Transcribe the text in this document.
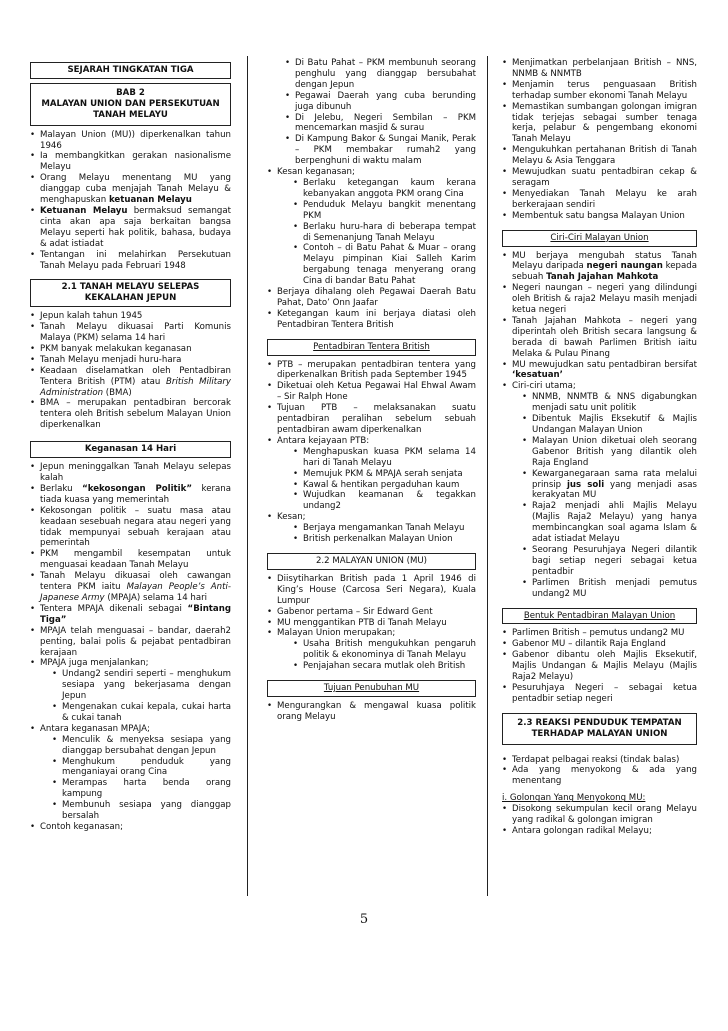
SEJARAH TINGKATAN TIGA
BAB 2
MALAYAN UNION DAN PERSEKUTUAN TANAH MELAYU
• Malayan Union (MU)) diperkenalkan tahun 1946
• Ia membangkitkan gerakan nasionalisme Melayu
• Orang Melayu menentang MU yang dianggap cuba menjajah Tanah Melayu & menghapuskan ketuanan Melayu
• Ketuanan Melayu bermaksud semangat cinta akan apa saja berkaitan bangsa Melayu seperti hak politik, bahasa, budaya & adat istiadat
• Tentangan ini melahirkan Persekutuan Tanah Melayu pada Februari 1948
2.1 TANAH MELAYU SELEPAS KEKALAHAN JEPUN
• Jepun kalah tahun 1945
• Tanah Melayu dikuasai Parti Komunis Malaya (PKM) selama 14 hari
• PKM banyak melakukan keganasan
• Tanah Melayu menjadi huru-hara
• Keadaan diselamatkan oleh Pentadbiran Tentera British (PTM) atau British Military Administration (BMA)
• BMA – merupakan pentadbiran bercorak tentera oleh British sebelum Malayan Union diperkenalkan
Keganasan 14 Hari
• Jepun meninggalkan Tanah Melayu selepas kalah
• Berlaku “kekosongan Politik” kerana tiada kuasa yang memerintah
• Kekosongan politik – suatu masa atau keadaan sesebuah negara atau negeri yang tidak mempunyai sebuah kerajaan atau pemerintah
• PKM mengambil kesempatan untuk menguasai keadaan Tanah Melayu
• Tanah Melayu dikuasai oleh cawangan tentera PKM iaitu Malayan People’s Anti-Japanese Army (MPAJA) selama 14 hari
• Tentera MPAJA dikenali sebagai “Bintang Tiga”
• MPAJA telah menguasai – bandar, daerah2 penting, balai polis & pejabat pentadbiran kerajaan
• MPAJA juga menjalankan;
• Undang2 sendiri seperti – menghukum sesiapa yang bekerjasama dengan Jepun
• Mengenakan cukai kepala, cukai harta & cukai tanah
• Antara keganasan MPAJA;
• Menculik & menyeksa sesiapa yang dianggap bersubahat dengan Jepun
• Menghukum penduduk yang menganiayai orang Cina
• Merampas harta benda orang kampung
• Membunuh sesiapa yang dianggap bersalah
• Contoh keganasan;
• Di Batu Pahat – PKM membunuh seorang penghulu yang dianggap bersubahat dengan Jepun
• Pegawai Daerah yang cuba berunding juga dibunuh
• Di Jelebu, Negeri Sembilan – PKM mencemarkan masjid & surau
• Di Kampung Bakor & Sungai Manik, Perak – PKM membakar rumah2 yang berpenghuni di waktu malam
• Kesan keganasan;
• Berlaku ketegangan kaum kerana kebanyakan anggota PKM orang Cina
• Penduduk Melayu bangkit menentang PKM
• Berlaku huru-hara di beberapa tempat di Semenanjung Tanah Melayu
• Contoh – di Batu Pahat & Muar – orang Melayu pimpinan Kiai Salleh Karim bergabung tenaga menyerang orang Cina di bandar Batu Pahat
• Berjaya dihalang oleh Pegawai Daerah Batu Pahat, Dato’ Onn Jaafar
• Ketegangan kaum ini berjaya diatasi oleh Pentadbiran Tentera British
Pentadbiran Tentera British
• PTB – merupakan pentadbiran tentera yang diperkenalkan British pada September 1945
• Diketuai oleh Ketua Pegawai Hal Ehwal Awam – Sir Ralph Hone
• Tujuan PTB – melaksanakan suatu pentadbiran peralihan sebelum sebuah pentadbiran awam diperkenalkan
• Antara kejayaan PTB:
• Menghapuskan kuasa PKM selama 14 hari di Tanah Melayu
• Memujuk PKM & MPAJA serah senjata
• Kawal & hentikan pergaduhan kaum
• Wujudkan keamanan & tegakkan undang2
• Kesan;
• Berjaya mengamankan Tanah Melayu
• British perkenalkan Malayan Union
2.2 MALAYAN UNION (MU)
• Diisytiharkan British pada 1 April 1946 di King’s House (Carcosa Seri Negara), Kuala Lumpur
• Gabenor pertama – Sir Edward Gent
• MU menggantikan PTB di Tanah Melayu
• Malayan Union merupakan;
• Usaha British mengukuhkan pengaruh politik & ekonominya di Tanah Melayu
• Penjajahan secara mutlak oleh British
Tujuan Penubuhan MU
• Mengurangkan & mengawal kuasa politik orang Melayu
• Menjimatkan perbelanjaan British – NNS, NNMB & NNMTB
• Menjamin terus penguasaan British terhadap sumber ekonomi Tanah Melayu
• Memastikan sumbangan golongan imigran tidak terjejas sebagai sumber tenaga kerja, pelabur & pengembang ekonomi Tanah Melayu
• Mengukuhkan pertahanan British di Tanah Melayu & Asia Tenggara
• Mewujudkan suatu pentadbiran cekap & seragam
• Menyediakan Tanah Melayu ke arah berkerajaan sendiri
• Membentuk satu bangsa Malayan Union
Ciri-Ciri Malayan Union
• MU berjaya mengubah status Tanah Melayu daripada negeri naungan kepada sebuah Tanah Jajahan Mahkota
• Negeri naungan – negeri yang dilindungi oleh British & raja2 Melayu masih menjadi ketua negeri
• Tanah Jajahan Mahkota – negeri yang diperintah oleh British secara langsung & berada di bawah Parlimen British iaitu Melaka & Pulau Pinang
• MU mewujudkan satu pentadbiran bersifat ‘kesatuan’
• Ciri-ciri utama;
• NNMB, NNMTB & NNS digabungkan menjadi satu unit politik
• Dibentuk Majlis Eksekutif & Majlis Undangan Malayan Union
• Malayan Union diketuai oleh seorang Gabenor British yang dilantik oleh Raja England
• Kewarganegaraan sama rata melalui prinsip jus soli yang menjadi asas kerakyatan MU
• Raja2 menjadi ahli Majlis Melayu (Majlis Raja2 Melayu) yang hanya membincangkan soal agama Islam & adat istiadat Melayu
• Seorang Pesuruhjaya Negeri dilantik bagi setiap negeri sebagai ketua pentadbir
• Parlimen British menjadi pemutus undang2 MU
Bentuk Pentadbiran Malayan Union
• Parlimen British – pemutus undang2 MU
• Gabenor MU – dilantik Raja England
• Gabenor dibantu oleh Majlis Eksekutif, Majlis Undangan & Majlis Melayu (Majlis Raja2 Melayu)
• Pesuruhjaya Negeri – sebagai ketua pentadbir setiap negeri
2.3 REAKSI PENDUDUK TEMPATAN TERHADAP MALAYAN UNION
• Terdapat pelbagai reaksi (tindak balas)
• Ada yang menyokong & ada yang menentang
i. Golongan Yang Menyokong MU:
• Disokong sekumpulan kecil orang Melayu yang radikal & golongan imigran
• Antara golongan radikal Melayu;
5
